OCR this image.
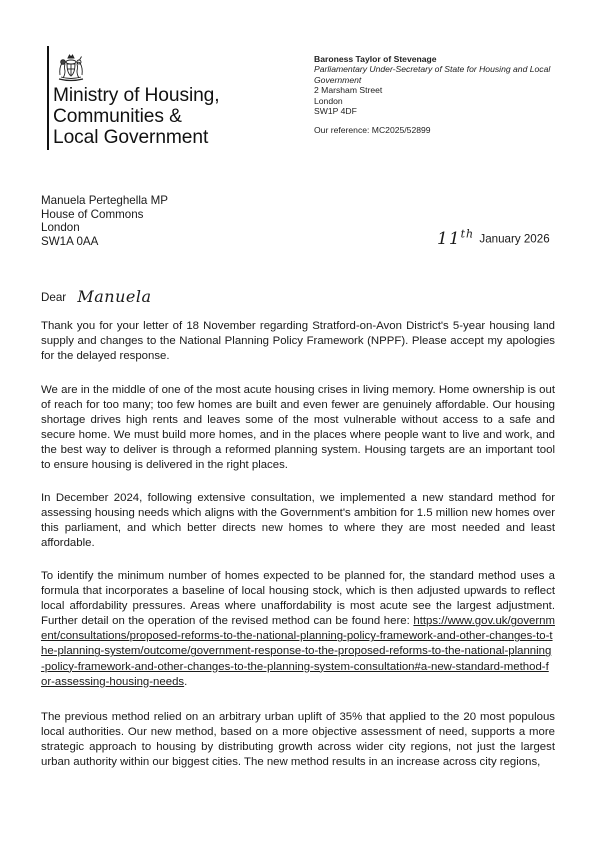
Ministry of Housing,
Communities &
Local Government
Baroness Taylor of Stevenage
Parliamentary Under-Secretary of State for Housing and Local Government
2 Marsham Street
London
SW1P 4DF
Our reference: MC2025/52899
Manuela Perteghella MP
House of Commons
London
SW1A 0AA	11th January 2026
Dear Manuela

Thank you for your letter of 18 November regarding Stratford-on-Avon District's 5-year housing land supply and changes to the National Planning Policy Framework (NPPF). Please accept my apologies for the delayed response.

We are in the middle of one of the most acute housing crises in living memory. Home ownership is out of reach for too many; too few homes are built and even fewer are genuinely affordable. Our housing shortage drives high rents and leaves some of the most vulnerable without access to a safe and secure home. We must build more homes, and in the places where people want to live and work, and the best way to deliver is through a reformed planning system. Housing targets are an important tool to ensure housing is delivered in the right places.

In December 2024, following extensive consultation, we implemented a new standard method for assessing housing needs which aligns with the Government's ambition for 1.5 million new homes over this parliament, and which better directs new homes to where they are most needed and least affordable.

To identify the minimum number of homes expected to be planned for, the standard method uses a formula that incorporates a baseline of local housing stock, which is then adjusted upwards to reflect local affordability pressures. Areas where unaffordability is most acute see the largest adjustment. Further detail on the operation of the revised method can be found here: https://www.gov.uk/government/consultations/proposed-reforms-to-the-national-planning-policy-framework-and-other-changes-to-the-planning-system/outcome/government-response-to-the-proposed-reforms-to-the-national-planning-policy-framework-and-other-changes-to-the-planning-system-consultation#a-new-standard-method-for-assessing-housing-needs.

The previous method relied on an arbitrary urban uplift of 35% that applied to the 20 most populous local authorities. Our new method, based on a more objective assessment of need, supports a more strategic approach to housing by distributing growth across wider city regions, not just the largest urban authority within our biggest cities. The new method results in an increase across city regions,
